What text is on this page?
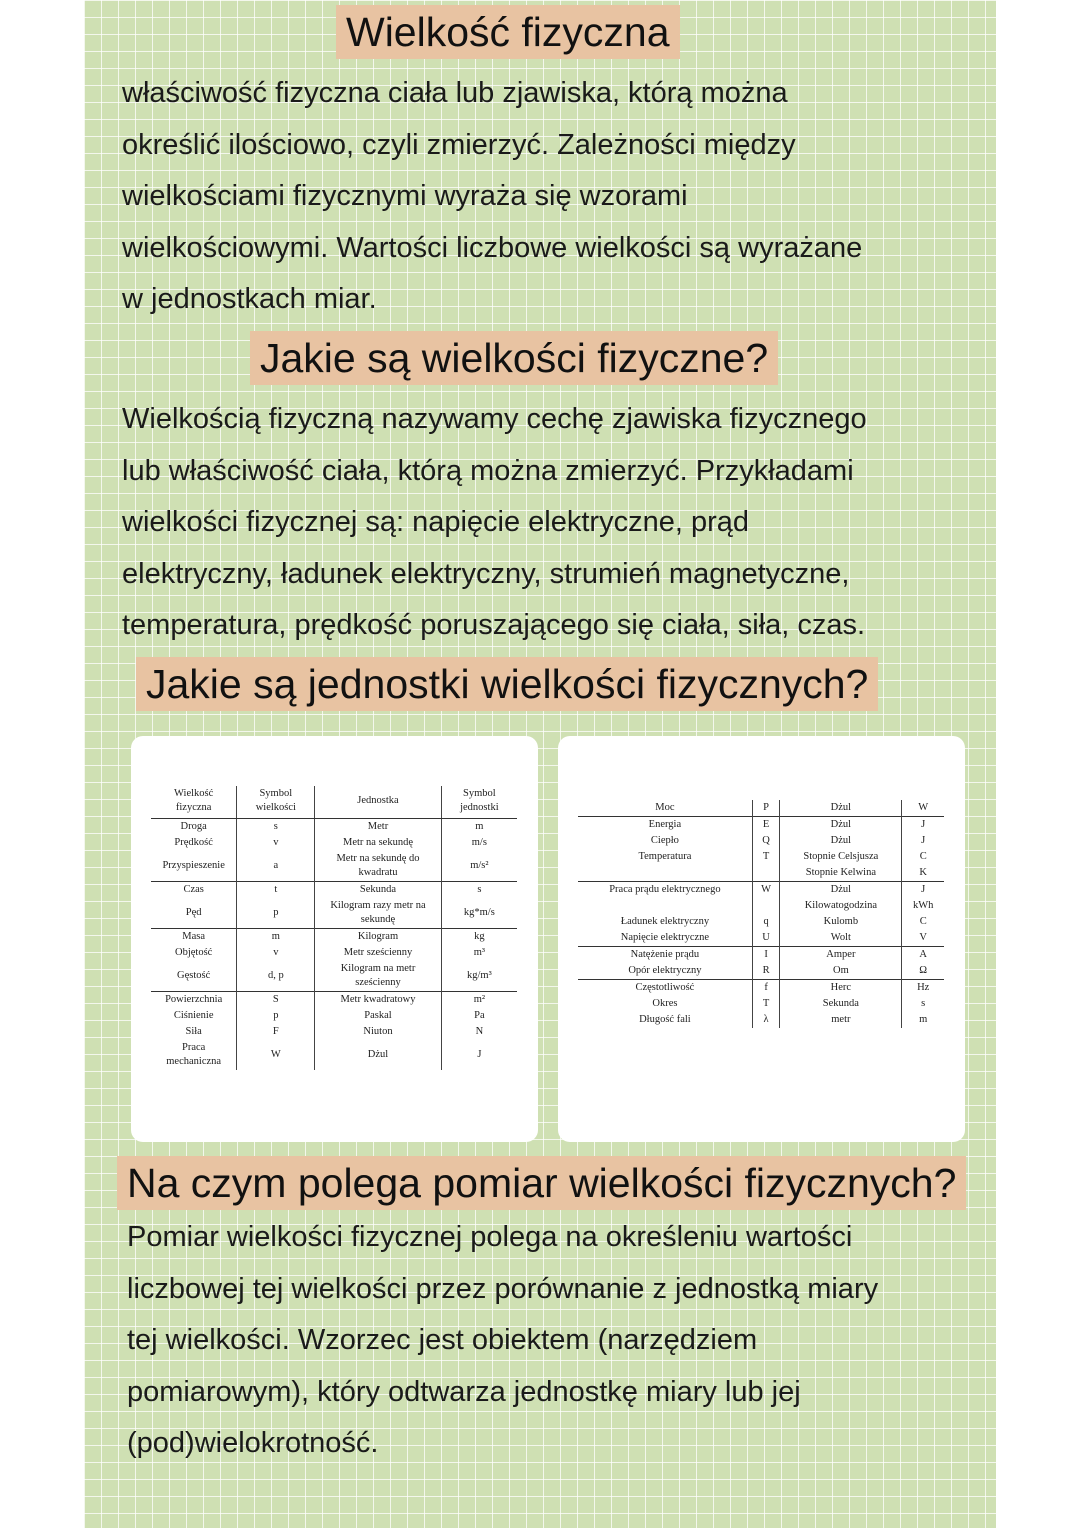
Wielkość fizyczna
właściwość fizyczna ciała lub zjawiska, którą można
określić ilościowo, czyli zmierzyć. Zależności między
wielkościami fizycznymi wyraża się wzorami
wielkościowymi. Wartości liczbowe wielkości są wyrażane
w jednostkach miar.
Jakie są wielkości fizyczne?
Wielkością fizyczną nazywamy cechę zjawiska fizycznego
lub właściwość ciała, którą można zmierzyć. Przykładami
wielkości fizycznej są: napięcie elektryczne, prąd
elektryczny, ładunek elektryczny, strumień magnetyczne,
temperatura, prędkość poruszającego się ciała, siła, czas.
Jakie są jednostki wielkości fizycznych?
Wielkość fizyczna	Symbol wielkości	Jednostka	Symbol jednostki
Droga	s	Metr	m
Prędkość	v	Metr na sekundę	m/s
Przyspieszenie	a	Metr na sekundę do kwadratu	m/s²
Czas	t	Sekunda	s
Pęd	p	Kilogram razy metr na sekundę	kg*m/s
Masa	m	Kilogram	kg
Objętość	v	Metr sześcienny	m³
Gęstość	d, p	Kilogram na metr sześcienny	kg/m³
Powierzchnia	S	Metr kwadratowy	m²
Ciśnienie	p	Paskal	Pa
Siła	F	Niuton	N
Praca mechaniczna	W	Dżul	J
Moc	P	Dżul	W
Energia	E	Dżul	J
Ciepło	Q	Dżul	J
Temperatura	T	Stopnie Celsjusza	C
		Stopnie Kelwina	K
Praca prądu elektrycznego	W	Dżul	J
		Kilowatogodzina	kWh
Ładunek elektryczny	q	Kulomb	C
Napięcie elektryczne	U	Wolt	V
Natężenie prądu	I	Amper	A
Opór elektryczny	R	Om	Ω
Częstotliwość	f	Herc	Hz
Okres	T	Sekunda	s
Długość fali	λ	metr	m
Na czym polega pomiar wielkości fizycznych?
Pomiar wielkości fizycznej polega na określeniu wartości
liczbowej tej wielkości przez porównanie z jednostką miary
tej wielkości. Wzorzec jest obiektem (narzędziem
pomiarowym), który odtwarza jednostkę miary lub jej
(pod)wielokrotność.
